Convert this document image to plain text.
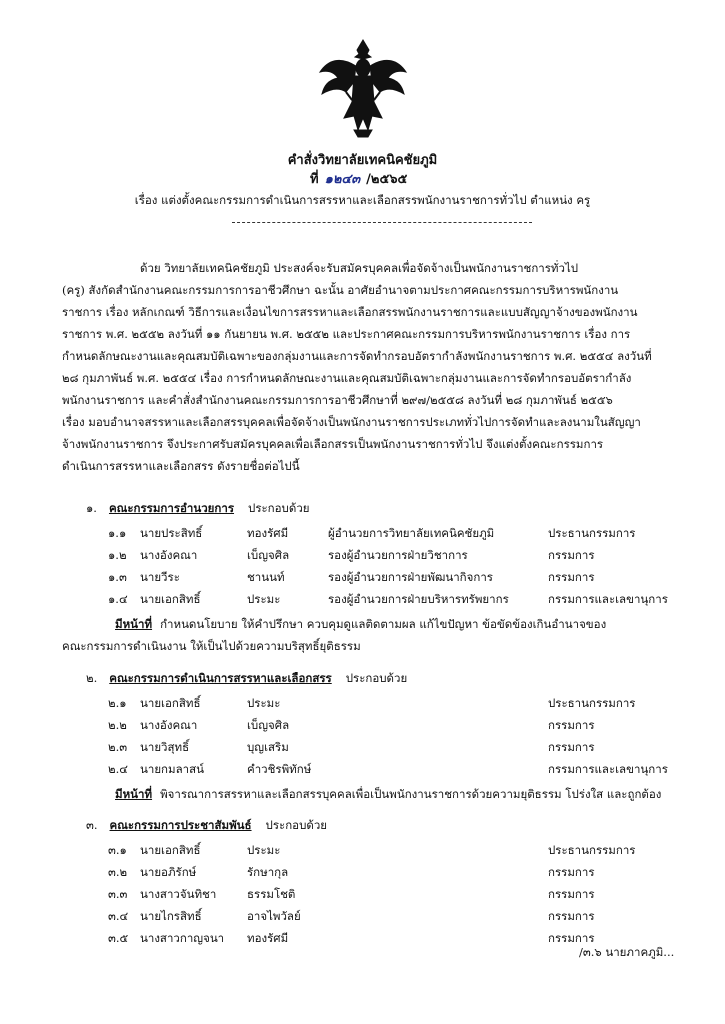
คำสั่งวิทยาลัยเทคนิคชัยภูมิ
ที่ ๑๒๔๓ /๒๕๖๕
เรื่อง แต่งตั้งคณะกรรมการดำเนินการสรรหาและเลือกสรรพนักงานราชการทั่วไป ตำแหน่ง ครู

ด้วย วิทยาลัยเทคนิคชัยภูมิ ประสงค์จะรับสมัครบุคคลเพื่อจัดจ้างเป็นพนักงานราชการทั่วไป

(ครู) สังกัดสำนักงานคณะกรรมการการอาชีวศึกษา ฉะนั้น อาศัยอำนาจตามประกาศคณะกรรมการบริหารพนักงาน

ราชการ เรื่อง หลักเกณฑ์ วิธีการและเงื่อนไขการสรรหาและเลือกสรรพนักงานราชการและแบบสัญญาจ้างของพนักงาน

ราชการ พ.ศ. ๒๕๕๒ ลงวันที่ ๑๑ กันยายน พ.ศ. ๒๕๕๒ และประกาศคณะกรรมการบริหารพนักงานราชการ เรื่อง การ

กำหนดลักษณะงานและคุณสมบัติเฉพาะของกลุ่มงานและการจัดทำกรอบอัตรากำลังพนักงานราชการ พ.ศ. ๒๕๕๔ ลงวันที่

๒๘ กุมภาพันธ์ พ.ศ. ๒๕๕๔ เรื่อง การกำหนดลักษณะงานและคุณสมบัติเฉพาะกลุ่มงานและการจัดทำกรอบอัตรากำลัง

พนักงานราชการ และคำสั่งสำนักงานคณะกรรมการการอาชีวศึกษาที่ ๒๙๗/๒๕๕๘ ลงวันที่ ๒๘ กุมภาพันธ์ ๒๕๕๖

เรื่อง มอบอำนาจสรรหาและเลือกสรรบุคคลเพื่อจัดจ้างเป็นพนักงานราชการประเภททั่วไปการจัดทำและลงนามในสัญญา

จ้างพนักงานราชการ จึงประกาศรับสมัครบุคคลเพื่อเลือกสรรเป็นพนักงานราชการทั่วไป จึงแต่งตั้งคณะกรรมการ

ดำเนินการสรรหาและเลือกสรร ดังรายชื่อต่อไปนี้

๑. คณะกรรมการอำนวยการ ประกอบด้วย
๑.๑ นายประสิทธิ์	ทองรัศมี	ผู้อำนวยการวิทยาลัยเทคนิคชัยภูมิ	ประธานกรรมการ
๑.๒ นางอังคณา	เบ็ญจศิล	รองผู้อำนวยการฝ่ายวิชาการ	กรรมการ
๑.๓ นายวีระ	ชานนท์	รองผู้อำนวยการฝ่ายพัฒนากิจการ	กรรมการ
๑.๔ นายเอกสิทธิ์	ประมะ	รองผู้อำนวยการฝ่ายบริหารทรัพยากร	กรรมการและเลขานุการ
มีหน้าที่ กำหนดนโยบาย ให้คำปรึกษา ควบคุมดูแลติดตามผล แก้ไขปัญหา ข้อขัดข้องเกินอำนาจของ
คณะกรรมการดำเนินงาน ให้เป็นไปด้วยความบริสุทธิ์ยุติธรรม
๒. คณะกรรมการดำเนินการสรรหาและเลือกสรร ประกอบด้วย
๒.๑ นายเอกสิทธิ์	ประมะ	ประธานกรรมการ
๒.๒ นางอังคณา	เบ็ญจศิล	กรรมการ
๒.๓ นายวิสุทธิ์	บุญเสริม	กรรมการ
๒.๔ นายกมลาสน์	คำวชิรพิทักษ์	กรรมการและเลขานุการ
มีหน้าที่ พิจารณาการสรรหาและเลือกสรรบุคคลเพื่อเป็นพนักงานราชการด้วยความยุติธรรม โปร่งใส และถูกต้อง
๓. คณะกรรมการประชาสัมพันธ์ ประกอบด้วย
๓.๑ นายเอกสิทธิ์	ประมะ	ประธานกรรมการ
๓.๒ นายอภิรักษ์	รักษากุล	กรรมการ
๓.๓ นางสาวจันทิชา	ธรรมโชติ	กรรมการ
๓.๔ นายไกรสิทธิ์	อาจไพวัลย์	กรรมการ
๓.๕ นางสาวกาญจนา ทองรัศมี	กรรมการ
/๓.๖ นายภาคภูมิ...
